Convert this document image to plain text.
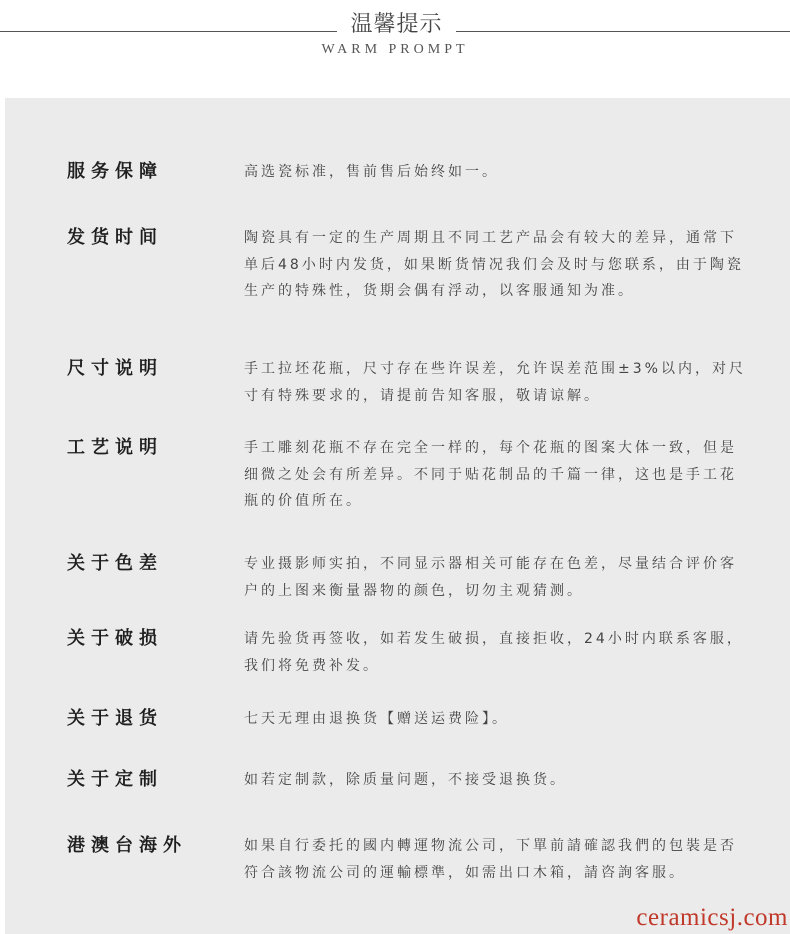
温馨提示
WARM PROMPT
服务保障	高选瓷标准，售前售后始终如一。
发货时间	陶瓷具有一定的生产周期且不同工艺产品会有较大的差异，通常下单后48小时内发货，如果断货情况我们会及时与您联系，由于陶瓷生产的特殊性，货期会偶有浮动，以客服通知为准。
尺寸说明	手工拉坯花瓶，尺寸存在些许误差，允许误差范围±3%以内，对尺寸有特殊要求的，请提前告知客服，敬请谅解。
工艺说明	手工雕刻花瓶不存在完全一样的，每个花瓶的图案大体一致，但是细微之处会有所差异。不同于贴花制品的千篇一律，这也是手工花瓶的价值所在。
关于色差	专业摄影师实拍，不同显示器相关可能存在色差，尽量结合评价客户的上图来衡量器物的颜色，切勿主观猜测。
关于破损	请先验货再签收，如若发生破损，直接拒收，24小时内联系客服，我们将免费补发。
关于退货	七天无理由退换货【赠送运费险】。
关于定制	如若定制款，除质量问题，不接受退换货。
港澳台海外	如果自行委托的國内轉運物流公司，下單前請確認我們的包裝是否符合該物流公司的運輸標準，如需出口木箱，請咨詢客服。
ceramicsj.com
